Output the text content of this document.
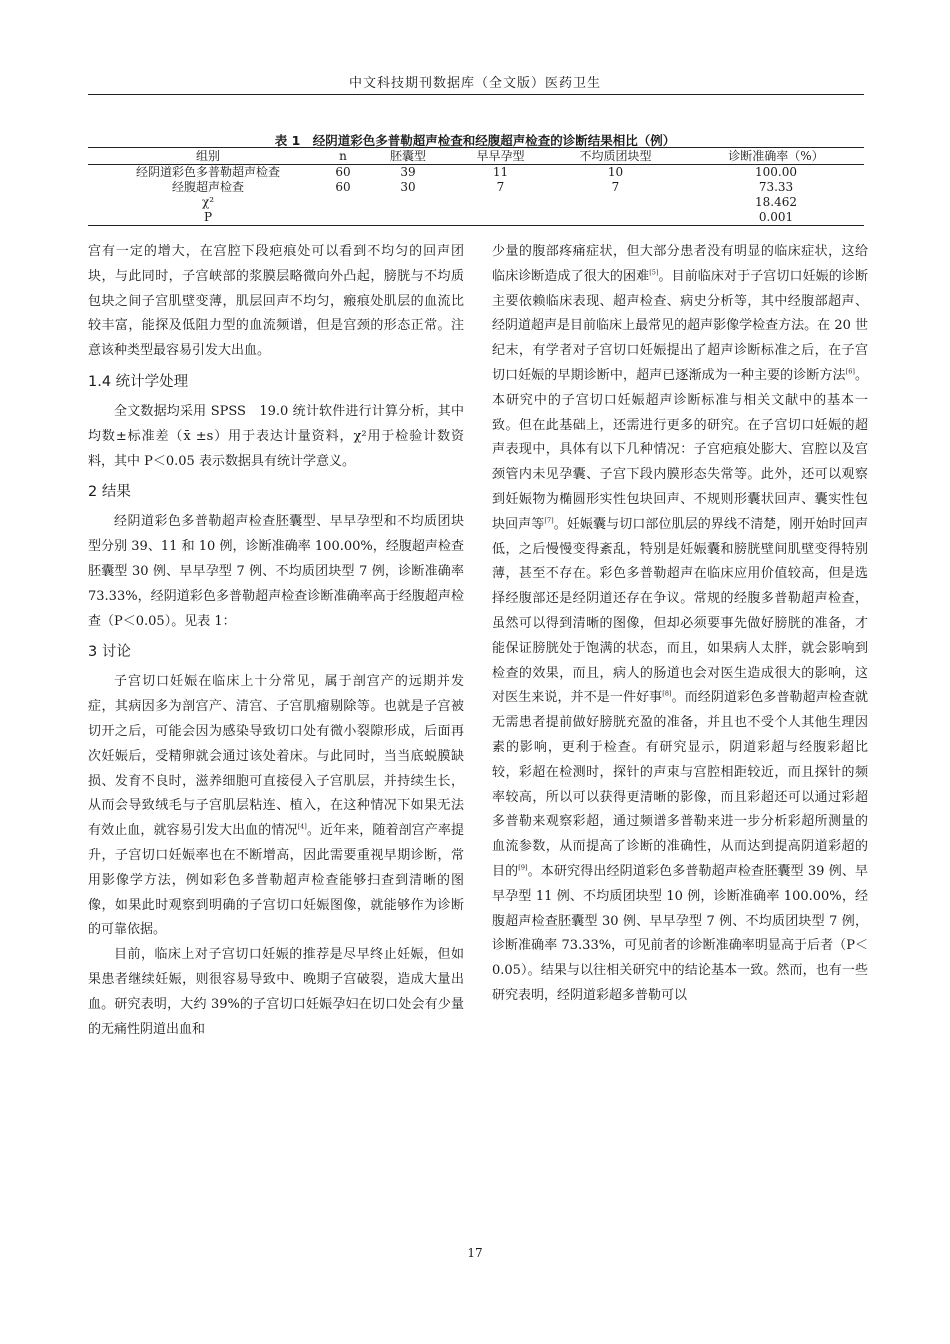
中文科技期刊数据库（全文版）医药卫生
表 1　经阴道彩色多普勒超声检查和经腹超声检查的诊断结果相比（例）
组别	n	胚囊型	早早孕型	不均质团块型	诊断准确率（%）
经阴道彩色多普勒超声检查	60	39	11	10	100.00
经腹超声检查	60	30	7	7	73.33
χ²					18.462
P					0.001

宫有一定的增大，在宫腔下段疤痕处可以看到不均匀的回声团块，与此同时，子宫峡部的浆膜层略微向外凸起，膀胱与不均质包块之间子宫肌壁变薄，肌层回声不均匀，瘢痕处肌层的血流比较丰富，能探及低阻力型的血流频谱，但是宫颈的形态正常。注意该种类型最容易引发大出血。

1.4 统计学处理

全文数据均采用 SPSS　19.0 统计软件进行计算分析，其中均数±标准差（x̄ ±s）用于表达计量资料，χ²用于检验计数资料，其中 P＜0.05 表示数据具有统计学意义。

2 结果

经阴道彩色多普勒超声检查胚囊型、早早孕型和不均质团块型分别 39、11 和 10 例，诊断准确率 100.00%，经腹超声检查胚囊型 30 例、早早孕型 7 例、不均质团块型 7 例，诊断准确率 73.33%，经阴道彩色多普勒超声检查诊断准确率高于经腹超声检查（P＜0.05）。见表 1：

3 讨论

子宫切口妊娠在临床上十分常见，属于剖宫产的远期并发症，其病因多为剖宫产、清宫、子宫肌瘤剔除等。也就是子宫被切开之后，可能会因为感染导致切口处有微小裂隙形成，后面再次妊娠后，受精卵就会通过该处着床。与此同时，当当底蜕膜缺损、发育不良时，滋养细胞可直接侵入子宫肌层，并持续生长，从而会导致绒毛与子宫肌层粘连、植入，在这种情况下如果无法有效止血，就容易引发大出血的情况[4]。近年来，随着剖宫产率提升，子宫切口妊娠率也在不断增高，因此需要重视早期诊断，常用影像学方法，例如彩色多普勒超声检查能够扫查到清晰的图像，如果此时观察到明确的子宫切口妊娠图像，就能够作为诊断的可靠依据。

目前，临床上对子宫切口妊娠的推荐是尽早终止妊娠，但如果患者继续妊娠，则很容易导致中、晚期子宫破裂，造成大量出血。研究表明，大约 39%的子宫切口妊娠孕妇在切口处会有少量的无痛性阴道出血和

少量的腹部疼痛症状，但大部分患者没有明显的临床症状，这给临床诊断造成了很大的困难[5]。目前临床对于子宫切口妊娠的诊断主要依赖临床表现、超声检查、病史分析等，其中经腹部超声、经阴道超声是目前临床上最常见的超声影像学检查方法。在 20 世纪末，有学者对子宫切口妊娠提出了超声诊断标准之后，在子宫切口妊娠的早期诊断中，超声已逐渐成为一种主要的诊断方法[6]。本研究中的子宫切口妊娠超声诊断标准与相关文献中的基本一致。但在此基础上，还需进行更多的研究。在子宫切口妊娠的超声表现中，具体有以下几种情况：子宫疤痕处膨大、宫腔以及宫颈管内未见孕囊、子宫下段内膜形态失常等。此外，还可以观察到妊娠物为椭圆形实性包块回声、不规则形囊状回声、囊实性包块回声等[7]。妊娠囊与切口部位肌层的界线不清楚，刚开始时回声低，之后慢慢变得紊乱，特别是妊娠囊和膀胱壁间肌壁变得特别薄，甚至不存在。彩色多普勒超声在临床应用价值较高，但是选择经腹部还是经阴道还存在争议。常规的经腹多普勒超声检查，虽然可以得到清晰的图像，但却必须要事先做好膀胱的准备，才能保证膀胱处于饱满的状态，而且，如果病人太胖，就会影响到检查的效果，而且，病人的肠道也会对医生造成很大的影响，这对医生来说，并不是一件好事[8]。而经阴道彩色多普勒超声检查就无需患者提前做好膀胱充盈的准备，并且也不受个人其他生理因素的影响，更利于检查。有研究显示，阴道彩超与经腹彩超比较，彩超在检测时，探针的声束与宫腔相距较近，而且探针的频率较高，所以可以获得更清晰的影像，而且彩超还可以通过彩超多普勒来观察彩超，通过频谱多普勒来进一步分析彩超所测量的血流参数，从而提高了诊断的准确性，从而达到提高阴道彩超的目的[9]。本研究得出经阴道彩色多普勒超声检查胚囊型 39 例、早早孕型 11 例、不均质团块型 10 例，诊断准确率 100.00%，经腹超声检查胚囊型 30 例、早早孕型 7 例、不均质团块型 7 例，诊断准确率 73.33%，可见前者的诊断准确率明显高于后者（P＜0.05）。结果与以往相关研究中的结论基本一致。然而，也有一些研究表明，经阴道彩超多普勒可以

17
